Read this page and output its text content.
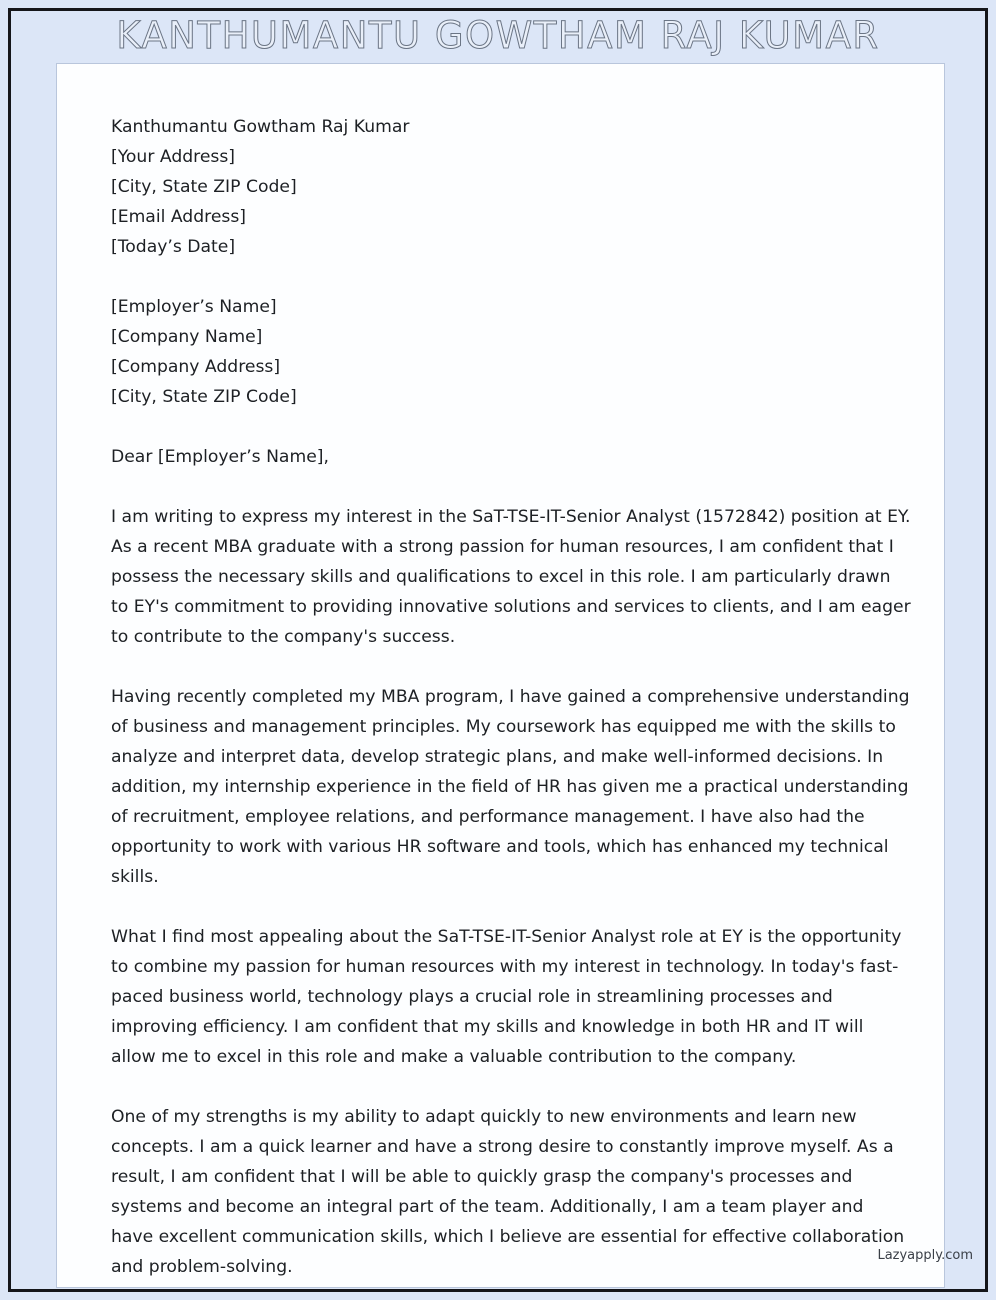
KANTHUMANTU GOWTHAM RAJ KUMAR

Kanthumantu Gowtham Raj Kumar
[Your Address]
[City, State ZIP Code]
[Email Address]
[Today’s Date]

[Employer’s Name]
[Company Name]
[Company Address]
[City, State ZIP Code]

Dear [Employer’s Name],

I am writing to express my interest in the SaT-TSE-IT-Senior Analyst (1572842) position at EY. As a recent MBA graduate with a strong passion for human resources, I am confident that I possess the necessary skills and qualifications to excel in this role. I am particularly drawn to EY's commitment to providing innovative solutions and services to clients, and I am eager to contribute to the company's success.

Having recently completed my MBA program, I have gained a comprehensive understanding of business and management principles. My coursework has equipped me with the skills to analyze and interpret data, develop strategic plans, and make well-informed decisions. In addition, my internship experience in the field of HR has given me a practical understanding of recruitment, employee relations, and performance management. I have also had the opportunity to work with various HR software and tools, which has enhanced my technical skills.

What I find most appealing about the SaT-TSE-IT-Senior Analyst role at EY is the opportunity to combine my passion for human resources with my interest in technology. In today's fast-paced business world, technology plays a crucial role in streamlining processes and improving efficiency. I am confident that my skills and knowledge in both HR and IT will allow me to excel in this role and make a valuable contribution to the company.

One of my strengths is my ability to adapt quickly to new environments and learn new concepts. I am a quick learner and have a strong desire to constantly improve myself. As a result, I am confident that I will be able to quickly grasp the company's processes and systems and become an integral part of the team. Additionally, I am a team player and have excellent communication skills, which I believe are essential for effective collaboration and problem-solving.

Lazyapply.com
